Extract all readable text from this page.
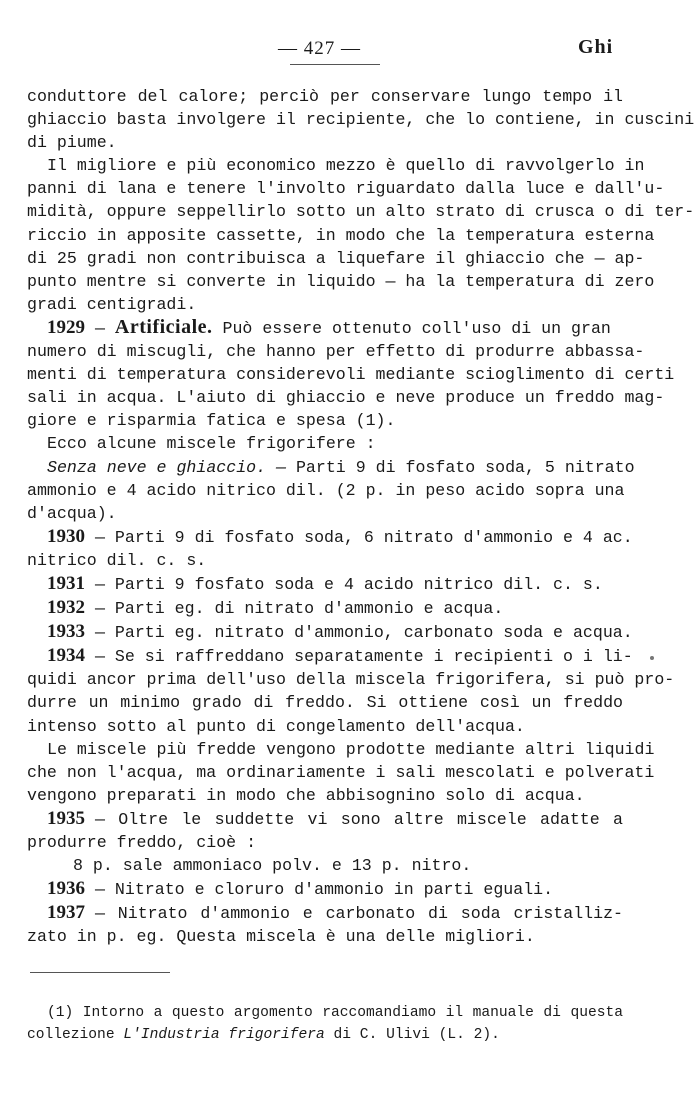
— 427 —	Ghi
conduttore del calore; perciò per conservare lungo tempo il
ghiaccio basta involgere il recipiente, che lo contiene, in cuscini
di piume.
Il migliore e più economico mezzo è quello di ravvolgerlo in
panni di lana e tenere l'involto riguardato dalla luce e dall'u-
midità, oppure seppellirlo sotto un alto strato di crusca o di ter-
riccio in apposite cassette, in modo che la temperatura esterna
di 25 gradi non contribuisca a liquefare il ghiaccio che — ap-
punto mentre si converte in liquido — ha la temperatura di zero
gradi centigradi.
1929 — Artificiale. Può essere ottenuto coll'uso di un gran
numero di miscugli, che hanno per effetto di produrre abbassa-
menti di temperatura considerevoli mediante scioglimento di certi
sali in acqua. L'aiuto di ghiaccio e neve produce un freddo mag-
giore e risparmia fatica e spesa (1).
Ecco alcune miscele frigorifere :
Senza neve e ghiaccio. — Parti 9 di fosfato soda, 5 nitrato
ammonio e 4 acido nitrico dil. (2 p. in peso acido sopra una
d'acqua).
1930 — Parti 9 di fosfato soda, 6 nitrato d'ammonio e 4 ac.
nitrico dil. c. s.
1931 — Parti 9 fosfato soda e 4 acido nitrico dil. c. s.
1932 — Parti eg. di nitrato d'ammonio e acqua.
1933 — Parti eg. nitrato d'ammonio, carbonato soda e acqua.
1934 — Se si raffreddano separatamente i recipienti o i li-
quidi ancor prima dell'uso della miscela frigorifera, si può pro-
durre un minimo grado di freddo. Si ottiene così un freddo
intenso sotto al punto di congelamento dell'acqua.
Le miscele più fredde vengono prodotte mediante altri liquidi
che non l'acqua, ma ordinariamente i sali mescolati e polverati
vengono preparati in modo che abbisognino solo di acqua.
1935 — Oltre le suddette vi sono altre miscele adatte a
produrre freddo, cioè :
8 p. sale ammoniaco polv. e 13 p. nitro.
1936 — Nitrato e cloruro d'ammonio in parti eguali.
1937 — Nitrato d'ammonio e carbonato di soda cristalliz-
zato in p. eg. Questa miscela è una delle migliori.
(1) Intorno a questo argomento raccomandiamo il manuale di questa
collezione L'Industria frigorifera di C. Ulivi (L. 2).
